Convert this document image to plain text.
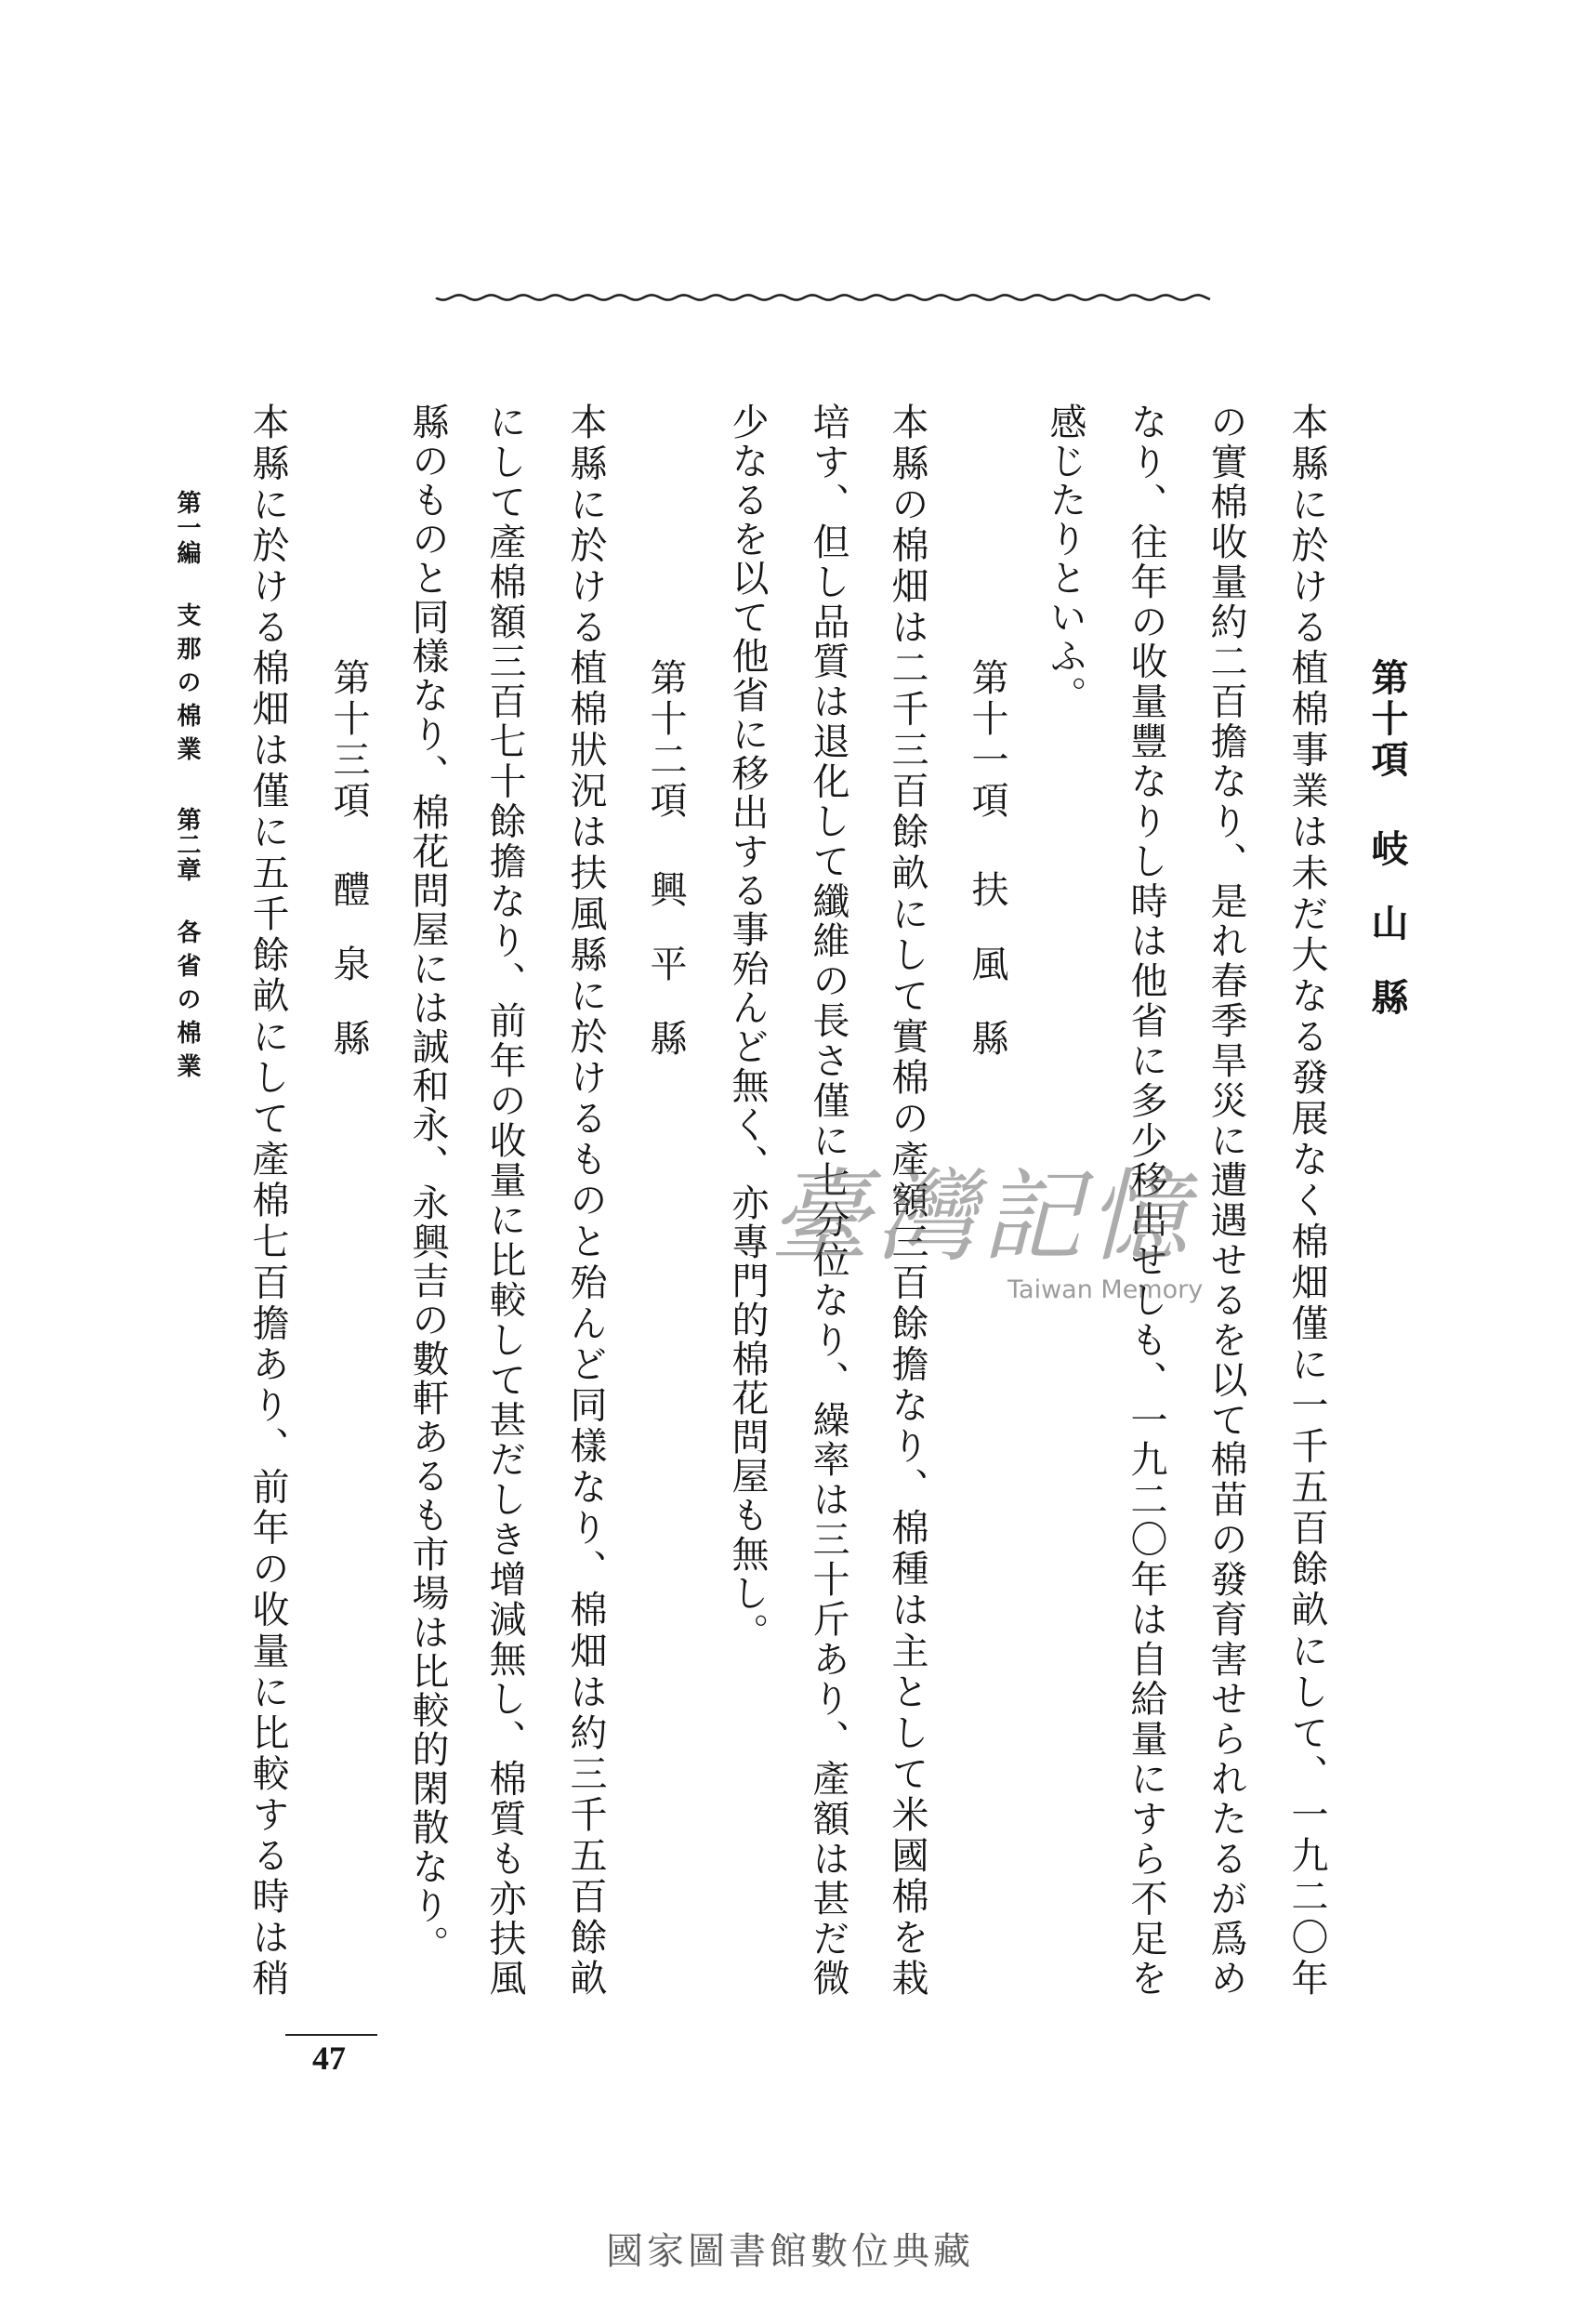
第十項岐山縣
本縣に於ける植棉事業は未だ大なる發展なく棉畑僅に一千五百餘畝にして、一九二〇年
の實棉收量約二百擔なり、是れ春季旱災に遭遇せるを以て棉苗の發育害せられたるが爲め
なり、往年の收量豐なりし時は他省に多少移出せしも、一九二〇年は自給量にすら不足を
感じたりといふ。
第十一項扶風縣
本縣の棉畑は二千三百餘畝にして實棉の產額三百餘擔なり、棉種は主として米國棉を栽
培す、但し品質は退化して纖維の長さ僅に七分位なり、繰率は三十斤あり、產額は甚だ微
少なるを以て他省に移出する事殆んど無く、亦專門的棉花問屋も無し。
第十二項興平縣
本縣に於ける植棉狀況は扶風縣に於けるものと殆んど同樣なり、棉畑は約三千五百餘畝
にして產棉額三百七十餘擔なり、前年の收量に比較して甚だしき增減無し、棉質も亦扶風
縣のものと同樣なり、棉花問屋には誠和永、永興吉の數軒あるも市場は比較的閑散なり。
第十三項醴泉縣
本縣に於ける棉畑は僅に五千餘畝にして產棉七百擔あり、前年の收量に比較する時は稍
第一編支那の棉業第二章各省の棉業
47
臺灣記憶
Taiwan Memory
國家圖書館數位典藏
